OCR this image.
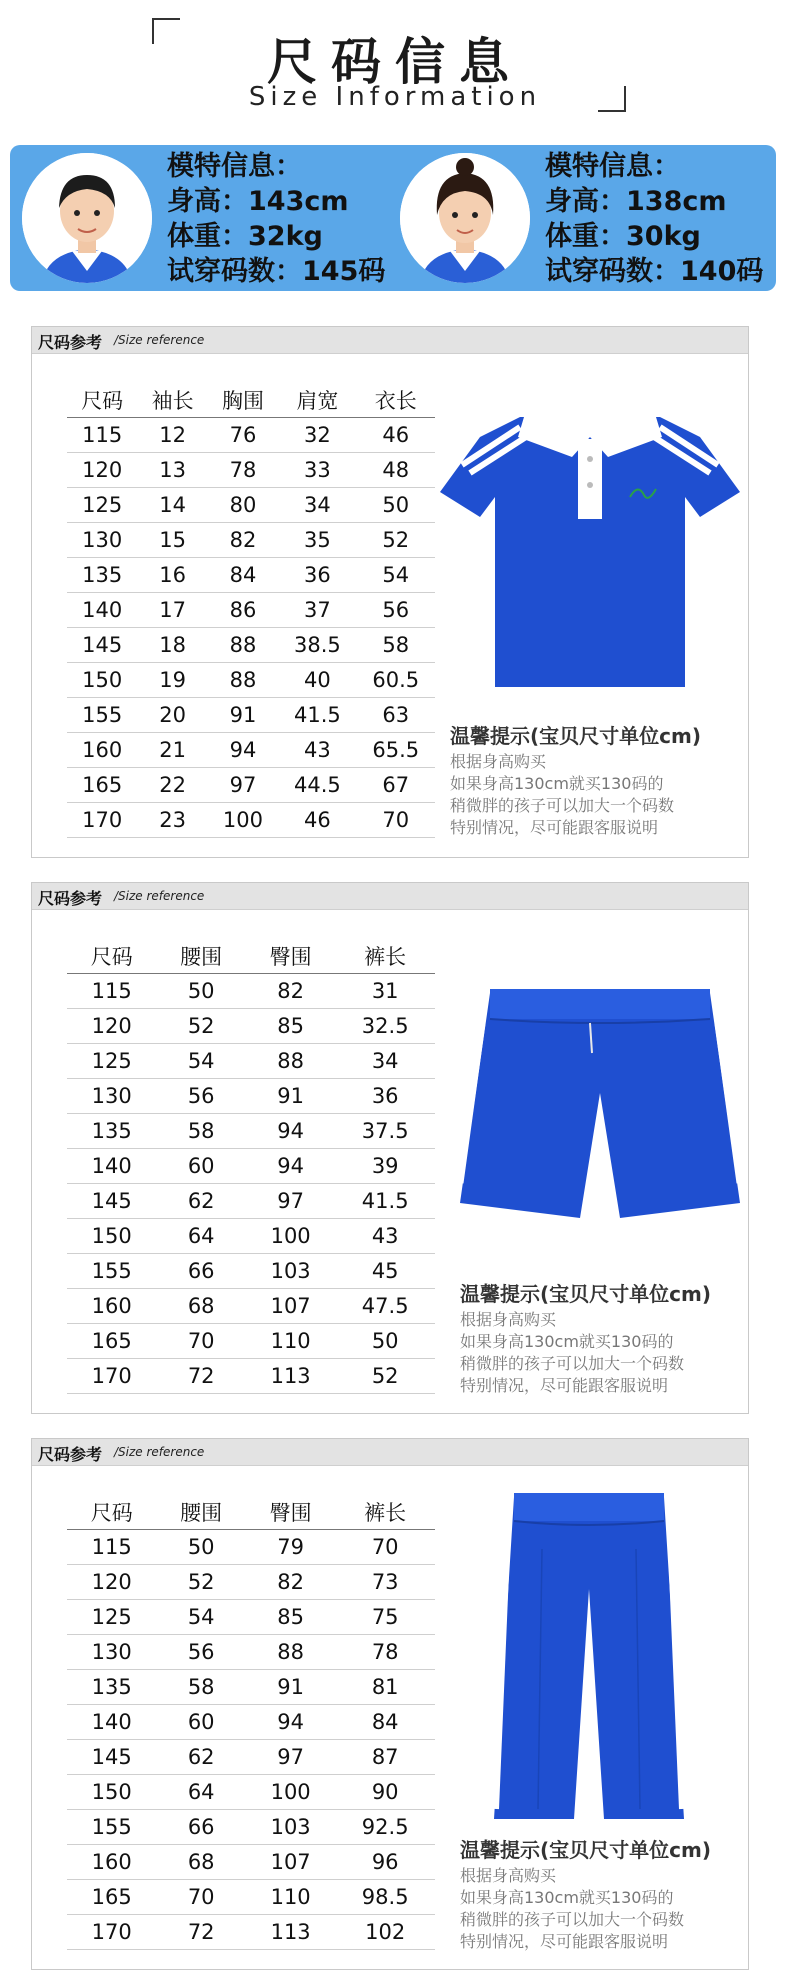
尺码信息
Size Information
模特信息：
身高：143cm
体重：32kg
试穿码数：145码
模特信息：
身高：138cm
体重：30kg
试穿码数：140码
尺码参考 /Size reference
尺码	袖长	胸围	肩宽	衣长
115	12	76	32	46
120	13	78	33	48
125	14	80	34	50
130	15	82	35	52
135	16	84	36	54
140	17	86	37	56
145	18	88	38.5	58
150	19	88	40	60.5
155	20	91	41.5	63
160	21	94	43	65.5
165	22	97	44.5	67
170	23	100	46	70
温馨提示(宝贝尺寸单位cm)
根据身高购买
如果身高130cm就买130码的
稍微胖的孩子可以加大一个码数
特别情况，尽可能跟客服说明
尺码参考 /Size reference
尺码	腰围	臀围	裤长
115	50	82	31
120	52	85	32.5
125	54	88	34
130	56	91	36
135	58	94	37.5
140	60	94	39
145	62	97	41.5
150	64	100	43
155	66	103	45
160	68	107	47.5
165	70	110	50
170	72	113	52
温馨提示(宝贝尺寸单位cm)
根据身高购买
如果身高130cm就买130码的
稍微胖的孩子可以加大一个码数
特别情况，尽可能跟客服说明
尺码参考 /Size reference
尺码	腰围	臀围	裤长
115	50	79	70
120	52	82	73
125	54	85	75
130	56	88	78
135	58	91	81
140	60	94	84
145	62	97	87
150	64	100	90
155	66	103	92.5
160	68	107	96
165	70	110	98.5
170	72	113	102
温馨提示(宝贝尺寸单位cm)
根据身高购买
如果身高130cm就买130码的
稍微胖的孩子可以加大一个码数
特别情况，尽可能跟客服说明
